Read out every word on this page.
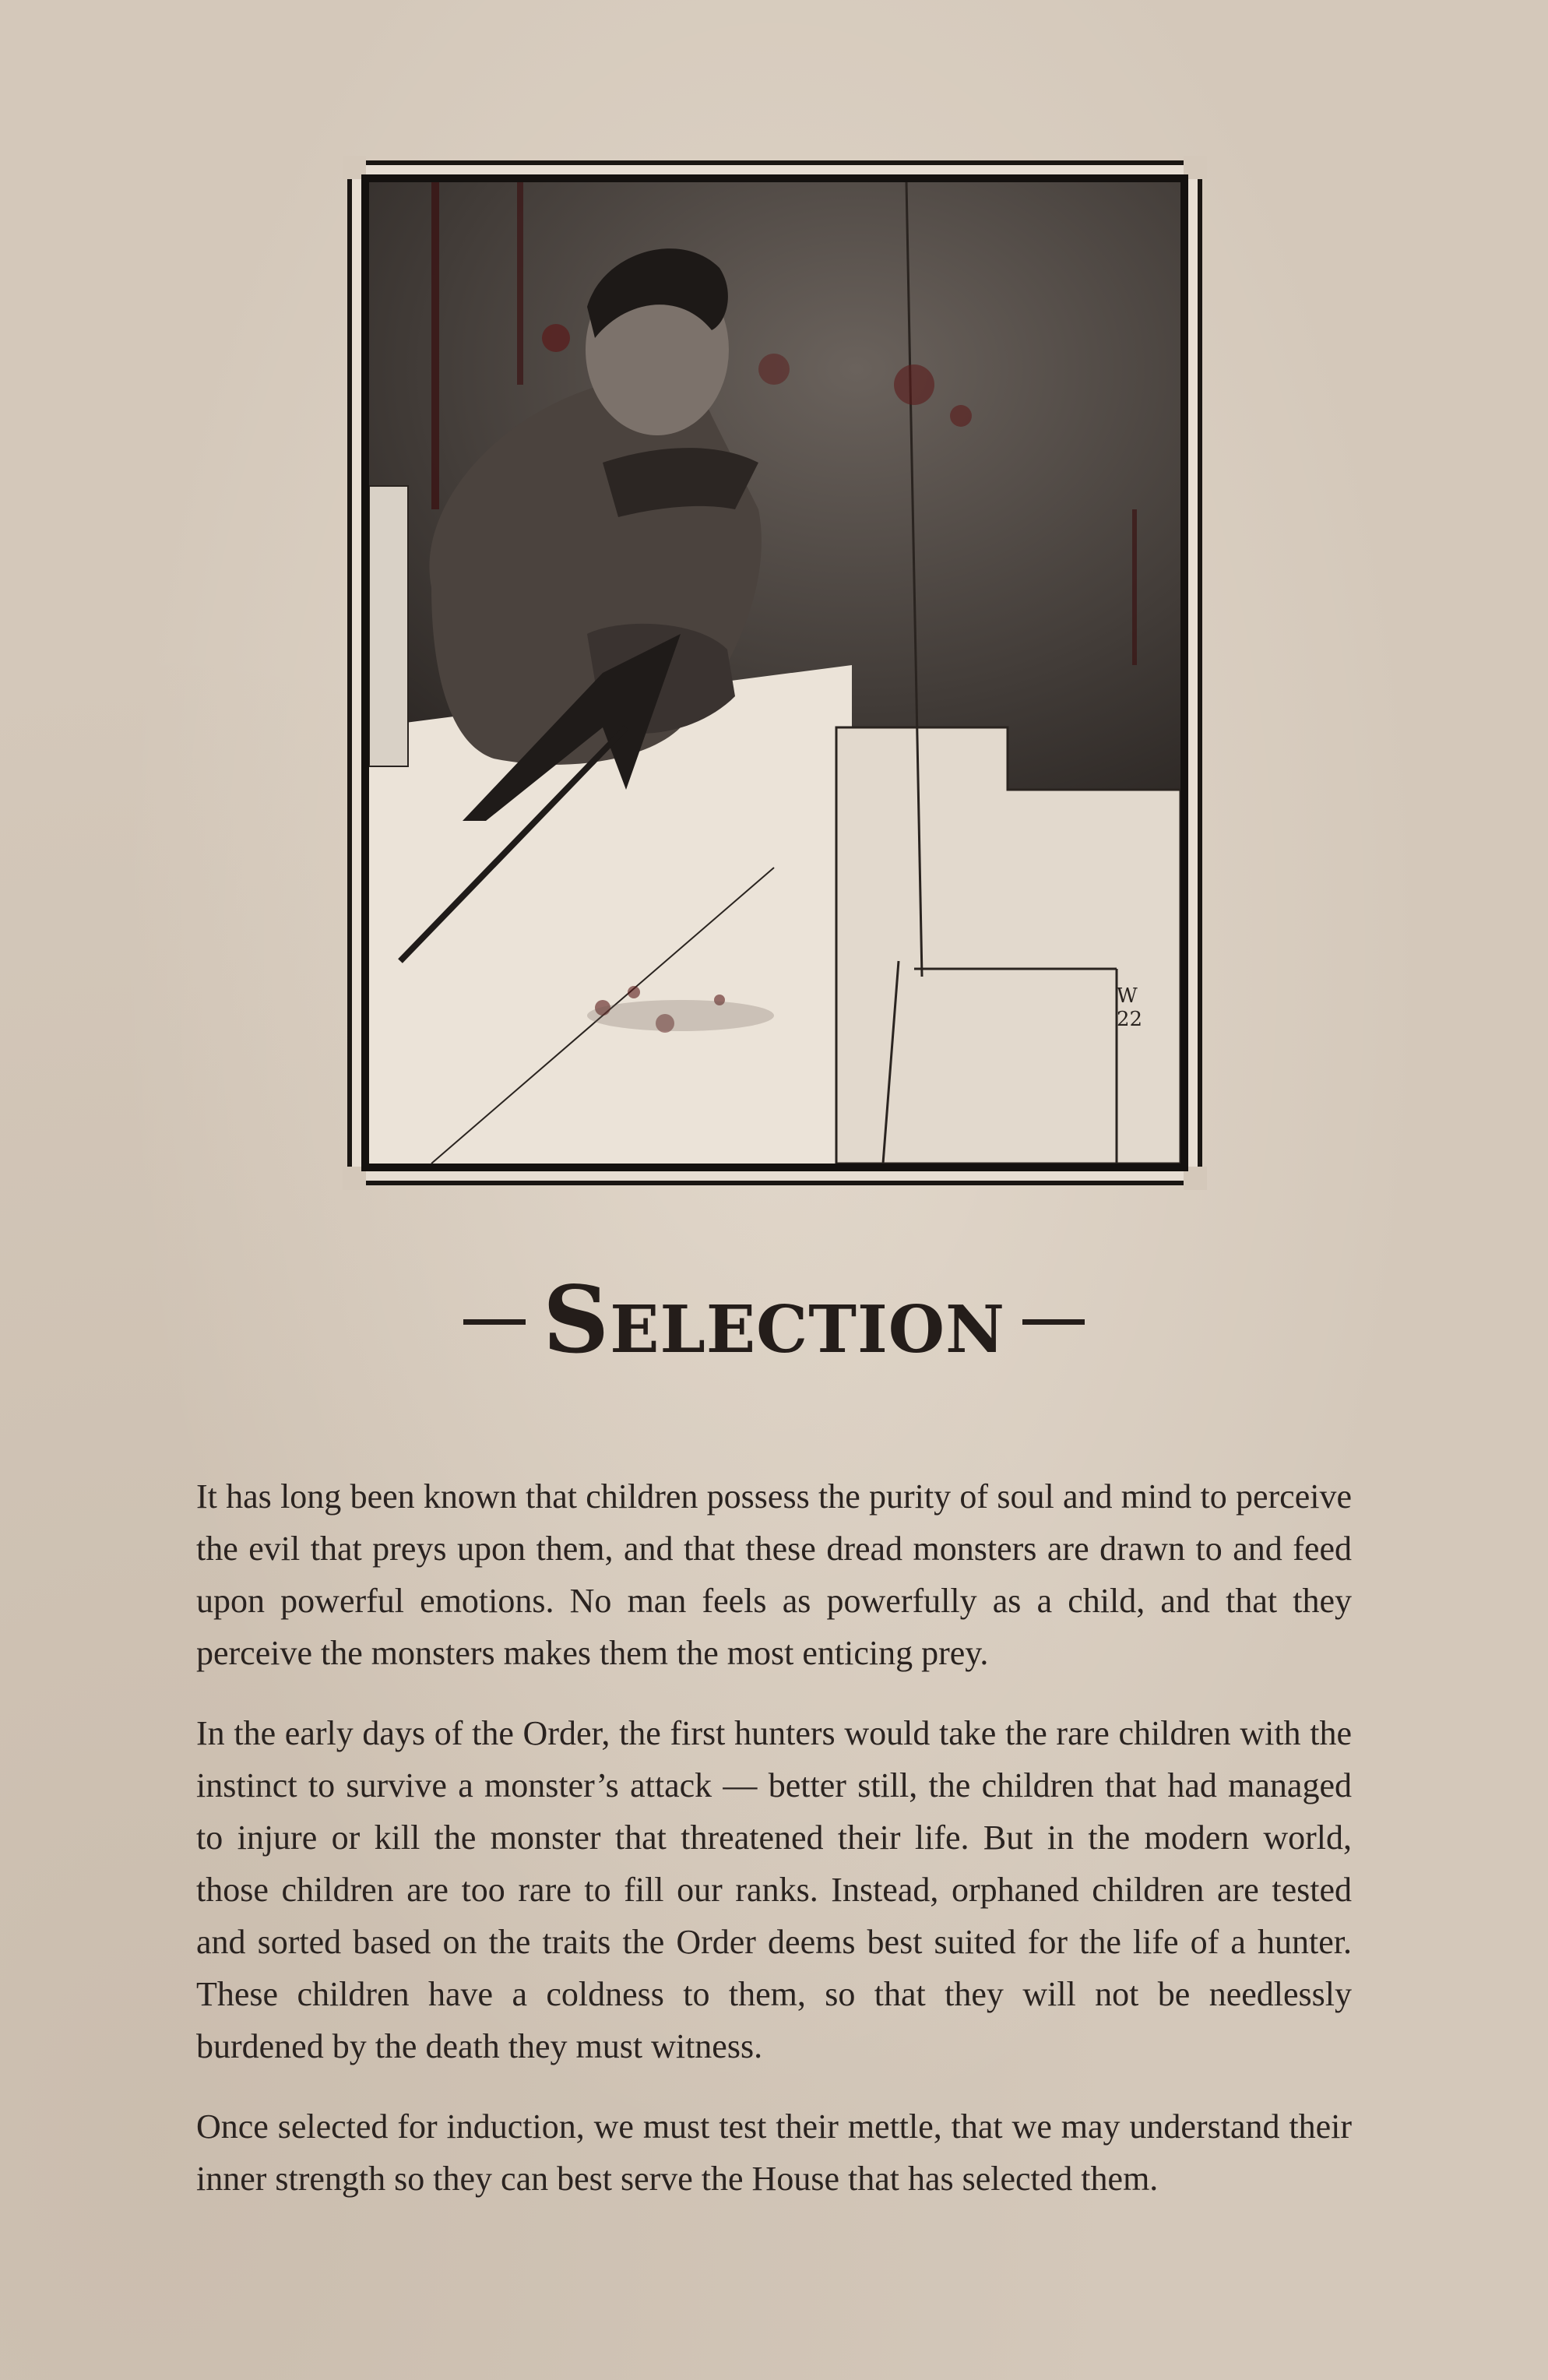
W 22
Selection

It has long been known that children possess the purity of soul and mind to perceive the evil that preys upon them, and that these dread monsters are drawn to and feed upon powerful emotions. No man feels as powerfully as a child, and that they perceive the monsters makes them the most enticing prey.

In the early days of the Order, the first hunters would take the rare children with the instinct to survive a monster’s attack — better still, the children that had managed to injure or kill the monster that threatened their life. But in the modern world, those children are too rare to fill our ranks. Instead, orphaned children are tested and sorted based on the traits the Order deems best suited for the life of a hunter. These children have a coldness to them, so that they will not be needlessly burdened by the death they must witness.

Once selected for induction, we must test their mettle, that we may understand their inner strength so they can best serve the House that has selected them.
